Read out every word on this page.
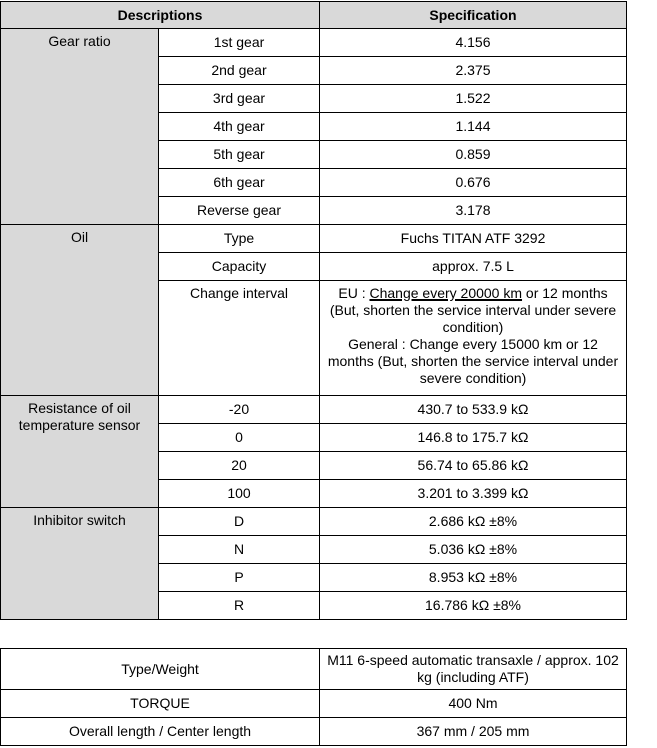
Descriptions		Specification
Gear ratio	1st gear	4.156
	2nd gear	2.375
	3rd gear	1.522
	4th gear	1.144
	5th gear	0.859
	6th gear	0.676
	Reverse gear	3.178
Oil	Type	Fuchs TITAN ATF 3292
	Capacity	approx. 7.5 L
	Change interval	EU : Change every 20000 km or 12 months
(But, shorten the service interval under severe condition)
General : Change every 15000 km or 12 months (But, shorten the service interval under severe condition)

Resistance of oil temperature sensor	-20	430.7 to 533.9 kΩ
	0	146.8 to 175.7 kΩ
	20	56.74 to 65.86 kΩ
	100	3.201 to 3.399 kΩ
Inhibitor switch	D	2.686 kΩ ±8%
	N	5.036 kΩ ±8%
	P	8.953 kΩ ±8%
	R	16.786 kΩ ±8%
Type/Weight	M11 6-speed automatic transaxle / approx. 102 kg (including ATF)
TORQUE	400 Nm
Overall length / Center length	367 mm / 205 mm
